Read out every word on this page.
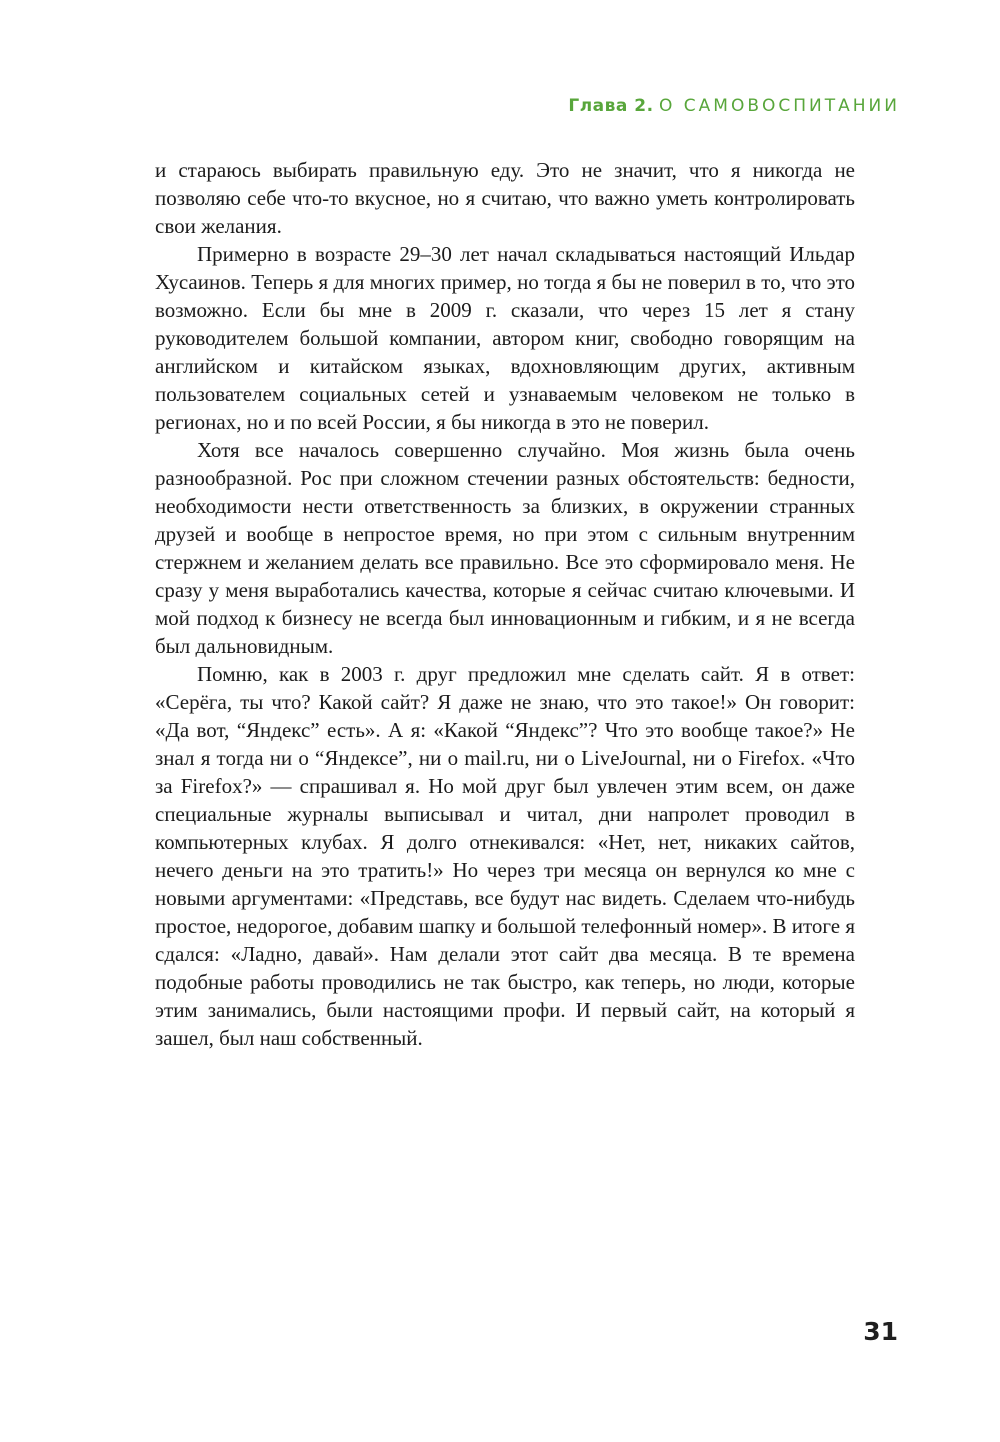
Глава 2. О САМОВОСПИТАНИИ

и стараюсь выбирать правильную еду. Это не значит, что я никогда не позволяю себе что-то вкусное, но я считаю, что важно уметь контролировать свои желания.

Примерно в возрасте 29–30 лет начал складываться настоящий Ильдар Хусаинов. Теперь я для многих пример, но тогда я бы не поверил в то, что это возможно. Если бы мне в 2009 г. сказали, что через 15 лет я стану руководителем большой компании, автором книг, свободно говорящим на английском и китайском языках, вдохновляющим других, активным пользователем социальных сетей и узнаваемым человеком не только в регионах, но и по всей России, я бы никогда в это не поверил.

Хотя все началось совершенно случайно. Моя жизнь была очень разнообразной. Рос при сложном стечении разных обстоятельств: бедности, необходимости нести ответственность за близких, в окружении странных друзей и вообще в непростое время, но при этом с сильным внутренним стержнем и желанием делать все правильно. Все это сформировало меня. Не сразу у меня выработались качества, которые я сейчас считаю ключевыми. И мой подход к бизнесу не всегда был инновационным и гибким, и я не всегда был дальновидным.

Помню, как в 2003 г. друг предложил мне сделать сайт. Я в ответ: «Серёга, ты что? Какой сайт? Я даже не знаю, что это такое!» Он говорит: «Да вот, “Яндекс” есть». А я: «Какой “Яндекс”? Что это вообще такое?» Не знал я тогда ни о “Яндексе”, ни о mail.ru, ни о LiveJournal, ни о Firefox. «Что за Firefox?» — спрашивал я. Но мой друг был увлечен этим всем, он даже специальные журналы выписывал и читал, дни напролет проводил в компьютерных клубах. Я долго отнекивался: «Нет, нет, никаких сайтов, нечего деньги на это тратить!» Но через три месяца он вернулся ко мне с новыми аргументами: «Представь, все будут нас видеть. Сделаем что-нибудь простое, недорогое, добавим шапку и большой телефонный номер». В итоге я сдался: «Ладно, давай». Нам делали этот сайт два месяца. В те времена подобные работы проводились не так быстро, как теперь, но люди, которые этим занимались, были настоящими профи. И первый сайт, на который я зашел, был наш собственный.

31
